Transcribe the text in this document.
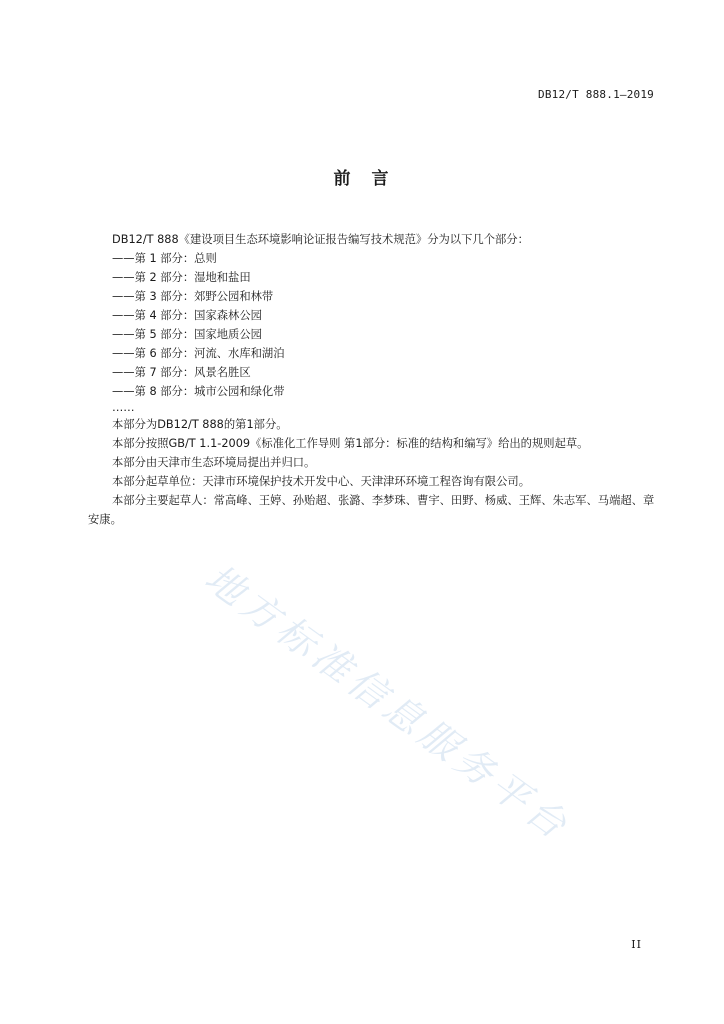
DB12/T 888.1—2019
前　言

DB12/T 888《建设项目生态环境影响论证报告编写技术规范》分为以下几个部分：

——第 1 部分：总则

——第 2 部分：湿地和盐田

——第 3 部分：郊野公园和林带

——第 4 部分：国家森林公园

——第 5 部分：国家地质公园

——第 6 部分：河流、水库和湖泊

——第 7 部分：风景名胜区

——第 8 部分：城市公园和绿化带

……

本部分为DB12/T 888的第1部分。

本部分按照GB/T 1.1-2009《标准化工作导则 第1部分：标准的结构和编写》给出的规则起草。

本部分由天津市生态环境局提出并归口。

本部分起草单位：天津市环境保护技术开发中心、天津津环环境工程咨询有限公司。

本部分主要起草人：常高峰、王婷、孙贻超、张潞、李梦珠、曹宇、田野、杨威、王辉、朱志军、马端超、章安康。

地方标准信息服务平台
II
